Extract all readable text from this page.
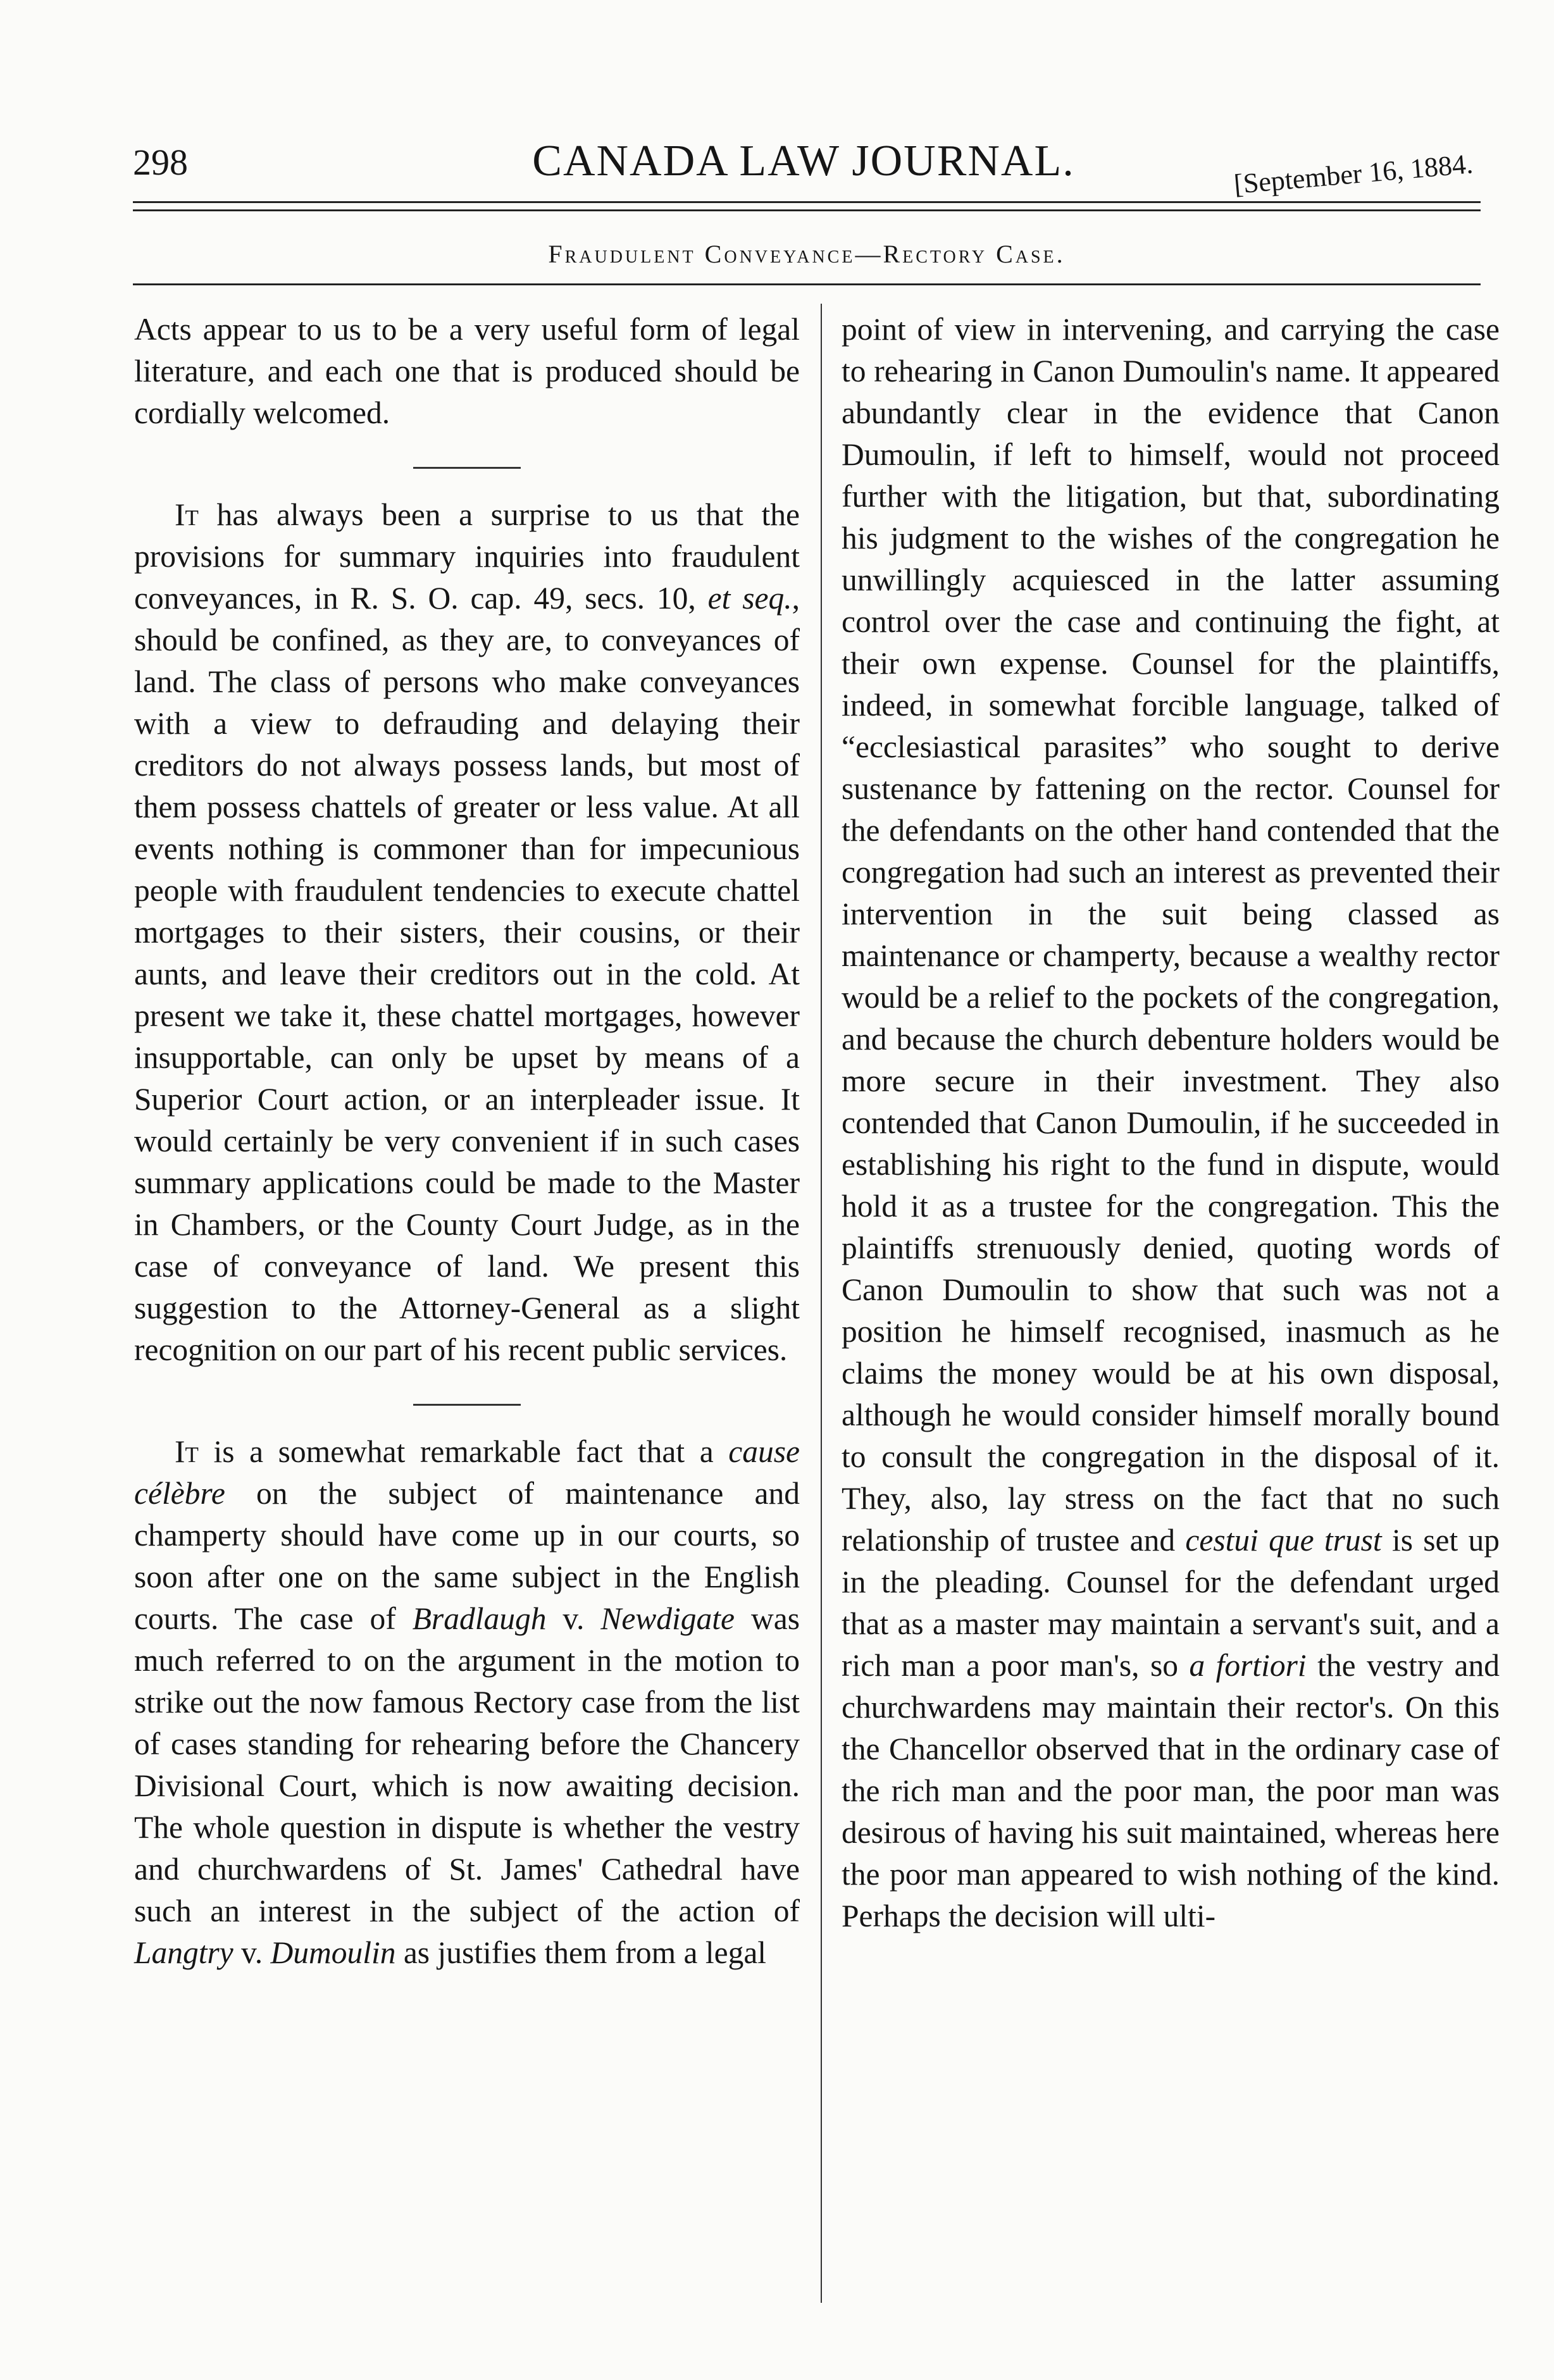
298	CANADA LAW JOURNAL.	[September 16, 1884.
Fraudulent Conveyance—Rectory Case.

Acts appear to us to be a very useful form of legal literature, and each one that is produced should be cordially welcomed.

It has always been a surprise to us that the provisions for summary inquiries into fraudulent conveyances, in R. S. O. cap. 49, secs. 10, et seq., should be confined, as they are, to conveyances of land. The class of persons who make conveyances with a view to defrauding and delaying their creditors do not always possess lands, but most of them possess chattels of greater or less value. At all events nothing is commoner than for impecunious people with fraudulent tendencies to execute chattel mortgages to their sisters, their cousins, or their aunts, and leave their creditors out in the cold. At present we take it, these chattel mortgages, however insupportable, can only be upset by means of a Superior Court action, or an interpleader issue. It would certainly be very convenient if in such cases summary applications could be made to the Master in Chambers, or the County Court Judge, as in the case of conveyance of land. We present this suggestion to the Attorney-General as a slight recognition on our part of his recent public services.

It is a somewhat remarkable fact that a cause célèbre on the subject of maintenance and champerty should have come up in our courts, so soon after one on the same subject in the English courts. The case of Bradlaugh v. Newdigate was much referred to on the argument in the motion to strike out the now famous Rectory case from the list of cases standing for rehearing before the Chancery Divisional Court, which is now awaiting decision. The whole question in dispute is whether the vestry and churchwardens of St. James' Cathedral have such an interest in the subject of the action of Langtry v. Dumoulin as justifies them from a legal

point of view in intervening, and carrying the case to rehearing in Canon Dumoulin's name. It appeared abundantly clear in the evidence that Canon Dumoulin, if left to himself, would not proceed further with the litigation, but that, subordinating his judgment to the wishes of the congregation he unwillingly acquiesced in the latter assuming control over the case and continuing the fight, at their own expense. Counsel for the plaintiffs, indeed, in somewhat forcible language, talked of “ecclesiastical parasites” who sought to derive sustenance by fattening on the rector. Counsel for the defendants on the other hand contended that the congregation had such an interest as prevented their intervention in the suit being classed as maintenance or champerty, because a wealthy rector would be a relief to the pockets of the congregation, and because the church debenture holders would be more secure in their investment. They also contended that Canon Dumoulin, if he succeeded in establishing his right to the fund in dispute, would hold it as a trustee for the congregation. This the plaintiffs strenuously denied, quoting words of Canon Dumoulin to show that such was not a position he himself recognised, inasmuch as he claims the money would be at his own disposal, although he would consider himself morally bound to consult the congregation in the disposal of it. They, also, lay stress on the fact that no such relationship of trustee and cestui que trust is set up in the pleading. Counsel for the defendant urged that as a master may maintain a servant's suit, and a rich man a poor man's, so a fortiori the vestry and churchwardens may maintain their rector's. On this the Chancellor observed that in the ordinary case of the rich man and the poor man, the poor man was desirous of having his suit maintained, whereas here the poor man appeared to wish nothing of the kind. Perhaps the decision will ulti-
